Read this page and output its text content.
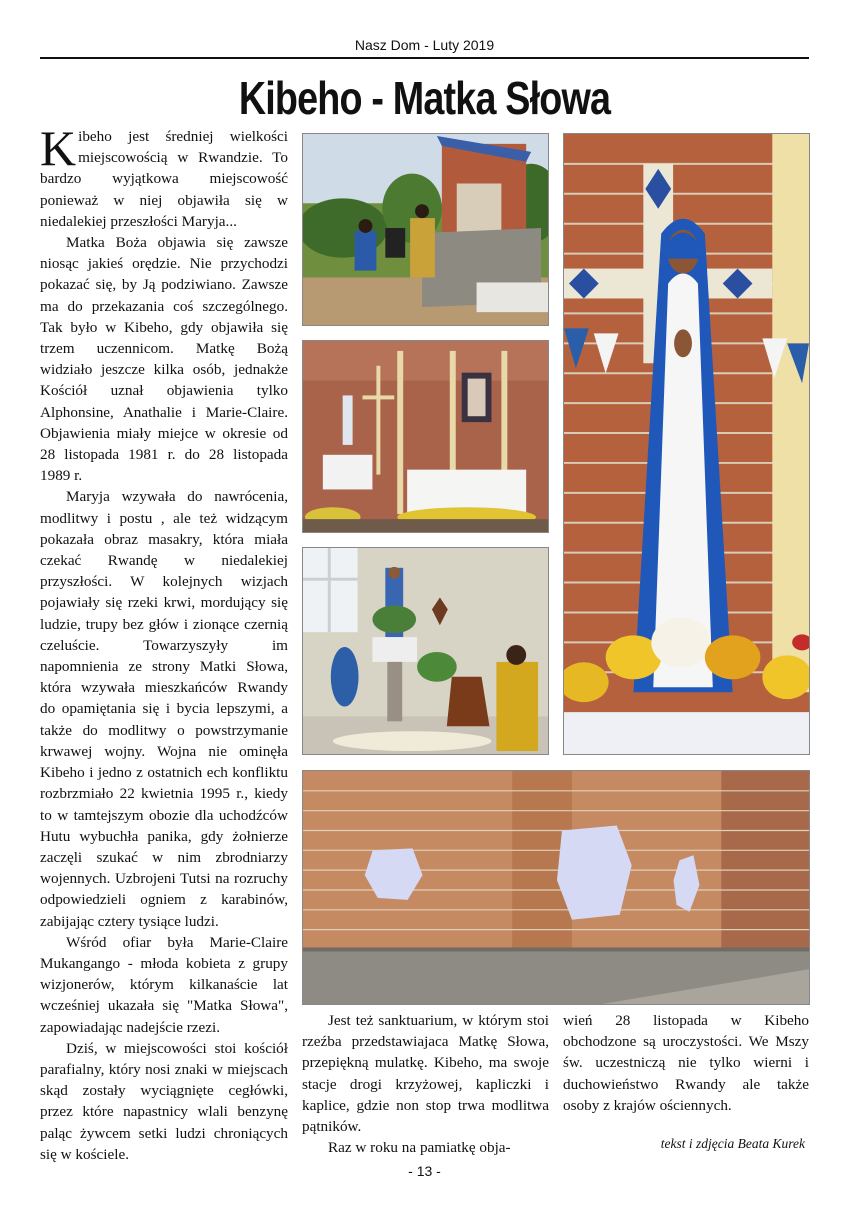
Nasz Dom - Luty 2019
Kibeho - Matka Słowa

Kibeho jest średniej wielkości miejscowością w Rwandzie. To bardzo wyjątkowa miejscowość ponieważ w niej objawiła się w niedalekiej przeszłości Maryja...

Matka Boża objawia się zawsze niosąc jakieś orędzie. Nie przychodzi pokazać się, by Ją podziwiano. Zawsze ma do przekazania coś szczególnego. Tak było w Kibeho, gdy objawiła się trzem uczennicom. Matkę Bożą widziało jeszcze kilka osób, jednakże Kościół uznał objawienia tylko Alphonsine, Anathalie i Marie-Claire. Objawienia miały miejce w okresie od 28 listopada 1981 r. do 28 listopada 1989 r.

Maryja wzywała do nawrócenia, modlitwy i postu , ale też widzącym pokazała obraz masakry, która miała czekać Rwandę w niedalekiej przyszłości. W kolejnych wizjach pojawiały się rzeki krwi, mordujący się ludzie, trupy bez głów i zionące czernią czeluście. Towarzyszyły im napomnienia ze strony Matki Słowa, która wzywała mieszkańców Rwandy do opamiętania się i bycia lepszymi, a także do modlitwy o powstrzymanie krwawej wojny. Wojna nie ominęła Kibeho i jedno z ostatnich ech konfliktu rozbrzmiało 22 kwietnia 1995 r., kiedy to w tamtejszym obozie dla uchodźców Hutu wybuchła panika, gdy żołnierze zaczęli szukać w nim zbrodniarzy wojennych. Uzbrojeni Tutsi na rozruchy odpowiedzieli ogniem z karabinów, zabijając cztery tysiące ludzi.

Wśród ofiar była Marie-Claire Mukangango - młoda kobieta z grupy wizjonerów, którym kilkanaście lat wcześniej ukazała się "Matka Słowa", zapowiadając nadejście rzezi.

Dziś, w miejscowości stoi kościół parafialny, który nosi znaki w miejscach skąd zostały wyciągnięte cegłówki, przez które napastnicy wlali benzynę paląc żywcem setki ludzi chroniących się w kościele.

Jest też sanktuarium, w którym stoi rzeźba przedstawiajaca Matkę Słowa, przepiękną mulatkę. Kibeho, ma swoje stacje drogi krzyżowej, kapliczki i kaplice, gdzie non stop trwa modlitwa pątników.

Raz w roku na pamiatkę obja-

wień 28 listopada w Kibeho obchodzone są uroczystości. We Mszy św. uczestniczą nie tylko wierni i duchowieństwo Rwandy ale także osoby z krajów ościennych.

tekst i zdjęcia Beata Kurek
- 13 -
